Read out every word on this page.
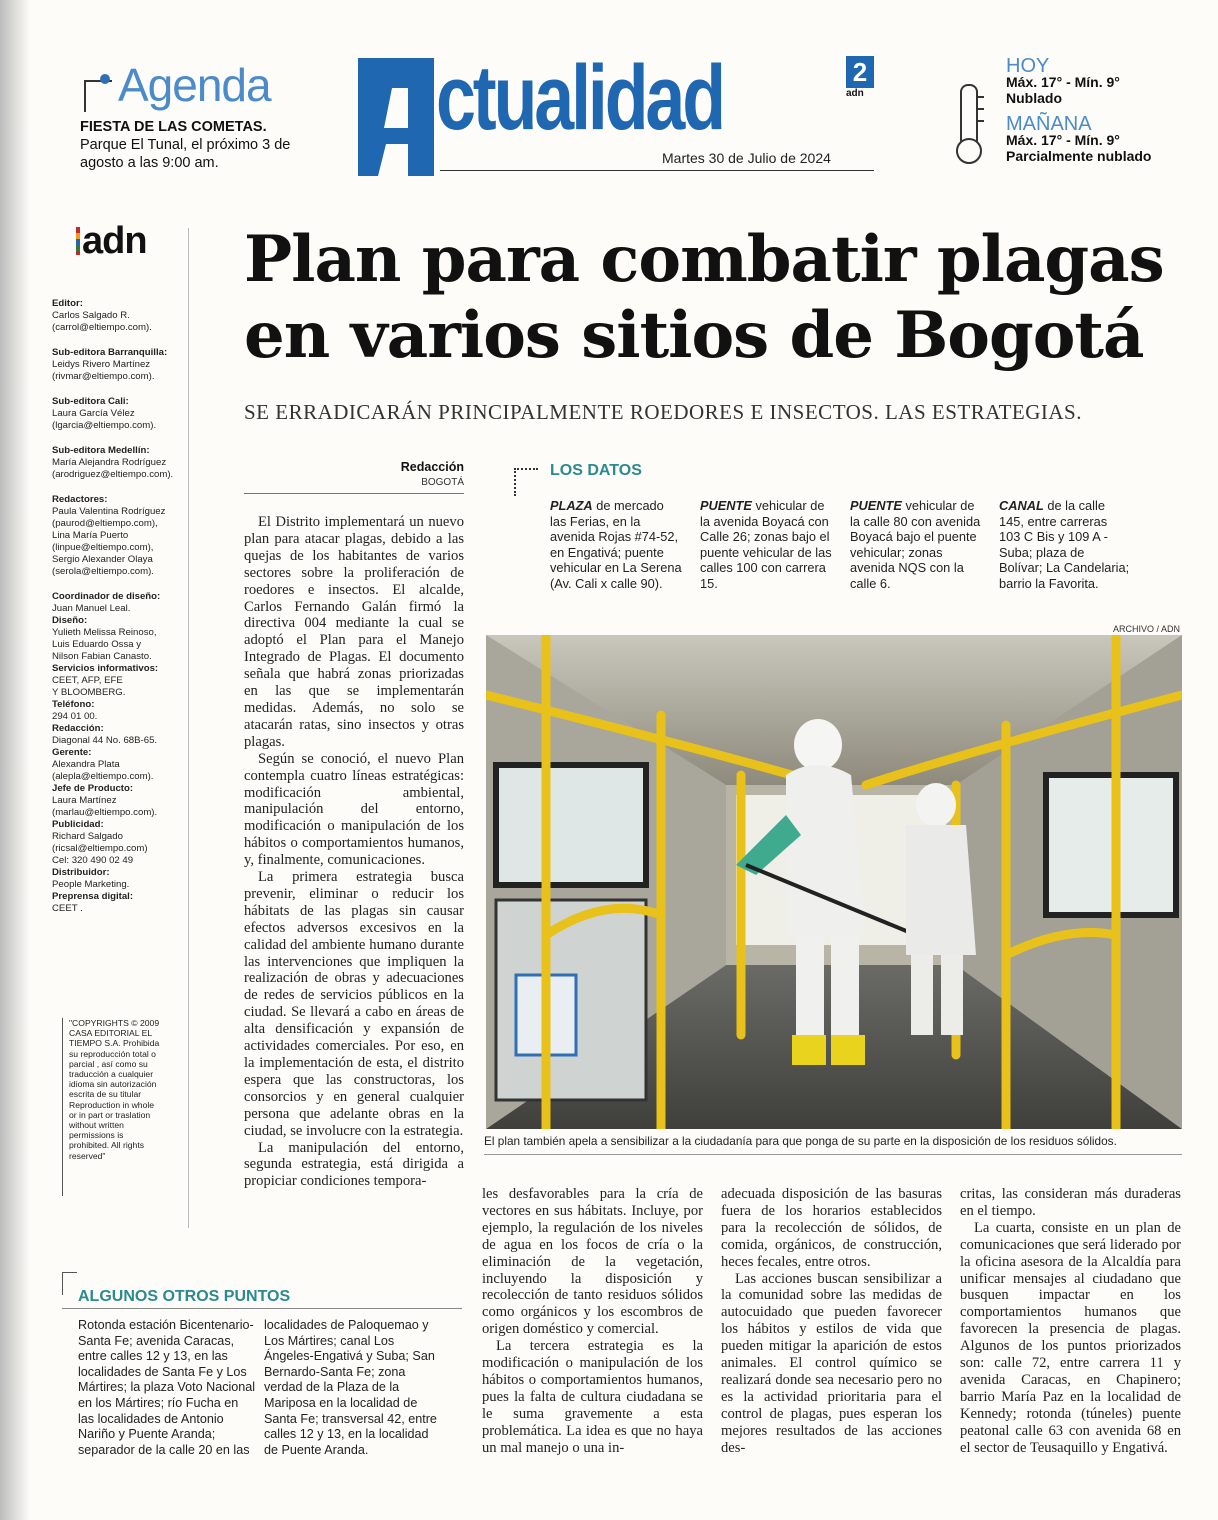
Agenda
FIESTA DE LAS COMETAS.
Parque El Tunal, el próximo 3 de agosto a las 9:00 am.
A ctualidad	2
adn
Martes 30 de Julio de 2024
HOY
Máx. 17° - Mín. 9°
Nublado
MAÑANA
Máx. 17° - Mín. 9°
Parcialmente nublado
adn
Editor:
Carlos Salgado R.
(carrol@eltiempo.com).
Sub-editora Barranquilla:
Leidys Rivero Martínez
(rivmar@eltiempo.com).
Sub-editora Cali:
Laura García Vélez
(lgarcia@eltiempo.com).
Sub-editora Medellín:
María Alejandra Rodríguez
(arodriguez@eltiempo.com).
Redactores:
Paula Valentina Rodríguez
(paurod@eltiempo.com),
Lina María Puerto
(linpue@eltiempo.com),
Sergio Alexander Olaya
(serola@eltiempo.com).
Coordinador de diseño:
Juan Manuel Leal.
Diseño:
Yulieth Melissa Reinoso,
Luis Eduardo Ossa y
Nilson Fabian Canasto.
Servicios informativos:
CEET, AFP, EFE
Y BLOOMBERG.
Teléfono:
294 01 00.
Redacción:
Diagonal 44 No. 68B-65.
Gerente:
Alexandra Plata
(alepla@eltiempo.com).
Jefe de Producto:
Laura Martínez
(marlau@eltiempo.com).
Publicidad:
Richard Salgado
(ricsal@eltiempo.com)
Cel: 320 490 02 49
Distribuidor:
People Marketing.
Preprensa digital:
CEET .
"COPYRIGHTS © 2009 CASA EDITORIAL EL TIEMPO S.A. Prohibida su reproducción total o parcial , así como su traducción a cualquier idioma sin autorización escrita de su titular Reproduction in whole or in part or traslation without written permissions is prohibited. All rights reserved"
Plan para combatir plagas en varios sitios de Bogotá
SE ERRADICARÁN PRINCIPALMENTE ROEDORES E INSECTOS. LAS ESTRATEGIAS.
Redacción
BOGOTÁ

El Distrito implementará un nuevo plan para atacar plagas, debido a las quejas de los habitantes de varios sectores sobre la proliferación de roedores e insectos. El alcalde, Carlos Fernando Galán firmó la directiva 004 mediante la cual se adoptó el Plan para el Manejo Integrado de Plagas. El documento señala que habrá zonas priorizadas en las que se implementarán medidas. Además, no solo se atacarán ratas, sino insectos y otras plagas.

Según se conoció, el nuevo Plan contempla cuatro líneas estratégicas: modificación ambiental, manipulación del entorno, modificación o manipulación de los hábitos o comportamientos humanos, y, finalmente, comunicaciones.

La primera estrategia busca prevenir, eliminar o reducir los hábitats de las plagas sin causar efectos adversos excesivos en la calidad del ambiente humano durante las intervenciones que impliquen la realización de obras y adecuaciones de redes de servicios públicos en la ciudad. Se llevará a cabo en áreas de alta densificación y expansión de actividades comerciales. Por eso, en la implementación de esta, el distrito espera que las constructoras, los consorcios y en general cualquier persona que adelante obras en la ciudad, se involucre con la estrategia.

La manipulación del entorno, segunda estrategia, está dirigida a propiciar condiciones tempora-

les desfavorables para la cría de vectores en sus hábitats. Incluye, por ejemplo, la regulación de los niveles de agua en los focos de cría o la eliminación de la vegetación, incluyendo la disposición y recolección de tanto residuos sólidos como orgánicos y los escombros de origen doméstico y comercial.

La tercera estrategia es la modificación o manipulación de los hábitos o comportamientos humanos, pues la falta de cultura ciudadana se le suma gravemente a esta problemática. La idea es que no haya un mal manejo o una in-

adecuada disposición de las basuras fuera de los horarios establecidos para la recolección de sólidos, de comida, orgánicos, de construcción, heces fecales, entre otros.

Las acciones buscan sensibilizar a la comunidad sobre las medidas de autocuidado que pueden favorecer los hábitos y estilos de vida que pueden mitigar la aparición de estos animales. El control químico se realizará donde sea necesario pero no es la actividad prioritaria para el control de plagas, pues esperan los mejores resultados de las acciones des-

critas, las consideran más duraderas en el tiempo.

La cuarta, consiste en un plan de comunicaciones que será liderado por la oficina asesora de la Alcaldía para unificar mensajes al ciudadano que busquen impactar en los comportamientos humanos que favorecen la presencia de plagas. Algunos de los puntos priorizados son: calle 72, entre carrera 11 y avenida Caracas, en Chapinero; barrio María Paz en la localidad de Kennedy; rotonda (túneles) puente peatonal calle 63 con avenida 68 en el sector de Teusaquillo y Engativá.

LOS DATOS
PLAZA de mercado las Ferias, en la avenida Rojas #74-52, en Engativá; puente vehicular en La Serena (Av. Cali x calle 90).
PUENTE vehicular de la avenida Boyacá con Calle 26; zonas bajo el puente vehicular de las calles 100 con carrera 15.
PUENTE vehicular de la calle 80 con avenida Boyacá bajo el puente vehicular; zonas avenida NQS con la calle 6.
CANAL de la calle 145, entre carreras 103 C Bis y 109 A - Suba; plaza de Bolívar; La Candelaria; barrio la Favorita.
ARCHIVO / ADN
El plan también apela a sensibilizar a la ciudadanía para que ponga de su parte en la disposición de los residuos sólidos.
ALGUNOS OTROS PUNTOS
Rotonda estación Bicentenario-Santa Fe; avenida Caracas, entre calles 12 y 13, en las localidades de Santa Fe y Los Mártires; la plaza Voto Nacional en los Mártires; río Fucha en las localidades de Antonio Nariño y Puente Aranda; separador de la calle 20 en las
localidades de Paloquemao y Los Mártires; canal Los Ángeles-Engativá y Suba; San Bernardo-Santa Fe; zona verdad de la Plaza de la Mariposa en la localidad de Santa Fe; transversal 42, entre calles 12 y 13, en la localidad de Puente Aranda.
